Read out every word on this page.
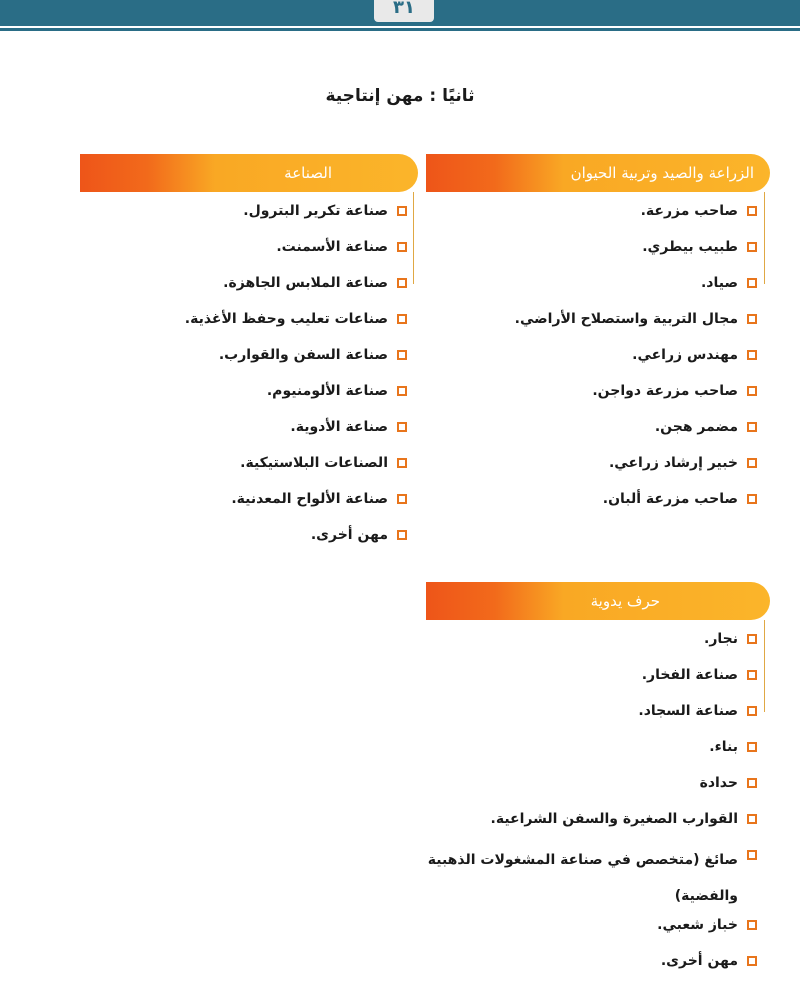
٣١
ثانيًا : مهن إنتاجية
الزراعة والصيد وتربية الحيوان
صاحب مزرعة.
طبيب بيطري.
صياد.
مجال التربية واستصلاح الأراضي.
مهندس زراعي.
صاحب مزرعة دواجن.
مضمر هجن.
خبير إرشاد زراعي.
صاحب مزرعة ألبان.
الصناعة
صناعة تكرير البترول.
صناعة الأسمنت.
صناعة الملابس الجاهزة.
صناعات تعليب وحفظ الأغذية.
صناعة السفن والقوارب.
صناعة الألومنيوم.
صناعة الأدوية.
الصناعات البلاستيكية.
صناعة الألواح المعدنية.
مهن أخرى.
حرف يدوية
نجار.
صناعة الفخار.
صناعة السجاد.
بناء.
حدادة
القوارب الصغيرة والسفن الشراعية.
صائغ (متخصص في صناعة المشغولات الذهبية والفضية)
خباز شعبي.
مهن أخرى.
